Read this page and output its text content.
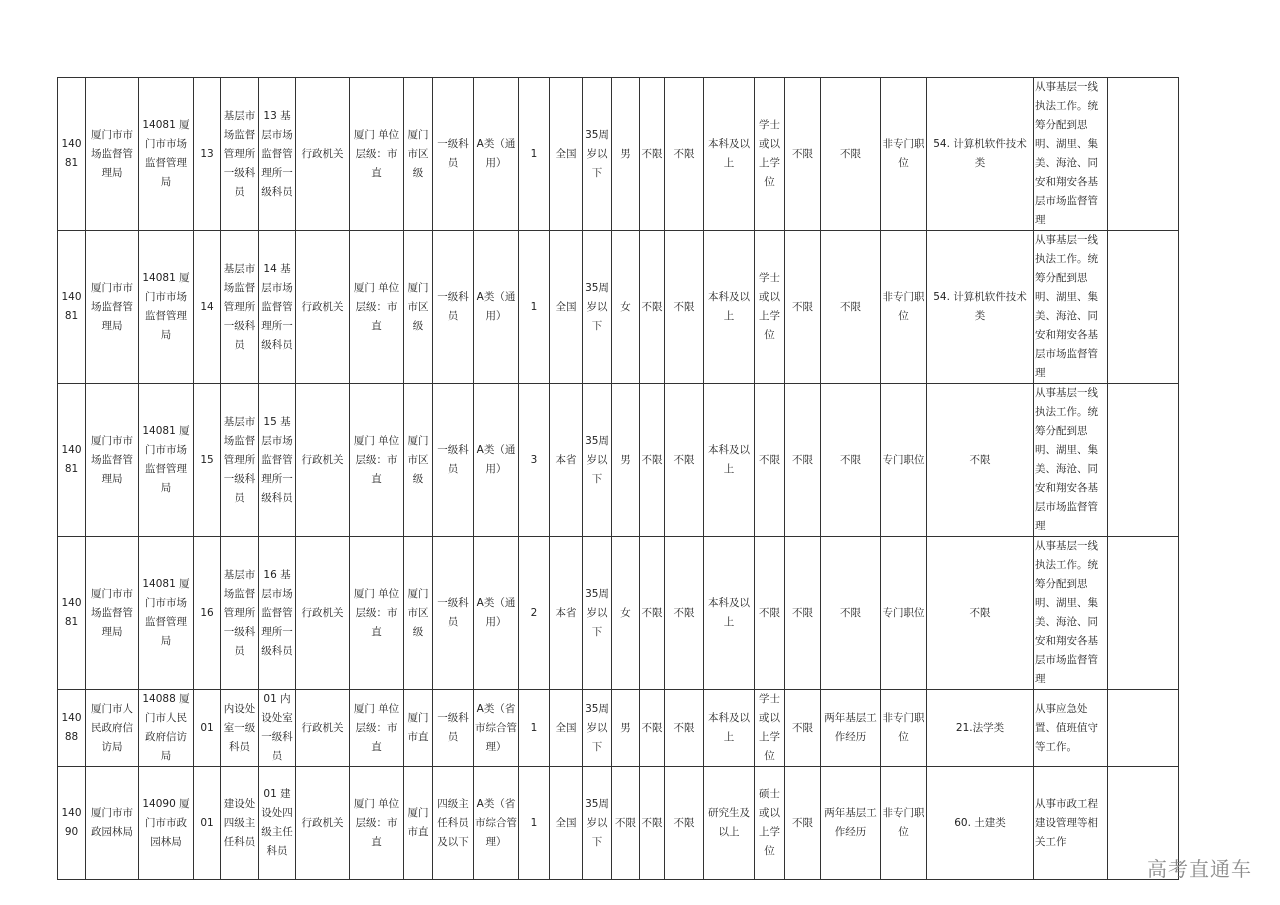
14081	厦门市市场监督管理局	14081 厦门市市场监督管理局	13	基层市场监督管理所一级科员	13 基层市场监督管理所一级科员	行政机关	厦门 单位层级：市直	厦门市区级	一级科员	A类（通用）	1	全国	35周岁以下	男	不限	不限	本科及以上	学士或以上学位	不限	不限	非专门职位	54. 计算机软件技术类	从事基层一线执法工作。统筹分配到思明、湖里、集美、海沧、同安和翔安各基层市场监督管理	
14081	厦门市市场监督管理局	14081 厦门市市场监督管理局	14	基层市场监督管理所一级科员	14 基层市场监督管理所一级科员	行政机关	厦门 单位层级：市直	厦门市区级	一级科员	A类（通用）	1	全国	35周岁以下	女	不限	不限	本科及以上	学士或以上学位	不限	不限	非专门职位	54. 计算机软件技术类	从事基层一线执法工作。统筹分配到思明、湖里、集美、海沧、同安和翔安各基层市场监督管理	
14081	厦门市市场监督管理局	14081 厦门市市场监督管理局	15	基层市场监督管理所一级科员	15 基层市场监督管理所一级科员	行政机关	厦门 单位层级：市直	厦门市区级	一级科员	A类（通用）	3	本省	35周岁以下	男	不限	不限	本科及以上	不限	不限	不限	专门职位	不限	从事基层一线执法工作。统筹分配到思明、湖里、集美、海沧、同安和翔安各基层市场监督管理	
14081	厦门市市场监督管理局	14081 厦门市市场监督管理局	16	基层市场监督管理所一级科员	16 基层市场监督管理所一级科员	行政机关	厦门 单位层级：市直	厦门市区级	一级科员	A类（通用）	2	本省	35周岁以下	女	不限	不限	本科及以上	不限	不限	不限	专门职位	不限	从事基层一线执法工作。统筹分配到思明、湖里、集美、海沧、同安和翔安各基层市场监督管理	
14088	厦门市人民政府信访局	14088 厦门市人民政府信访局	01	内设处室一级科员	01 内设处室一级科员	行政机关	厦门 单位层级：市直	厦门市直	一级科员	A类（省市综合管理）	1	全国	35周岁以下	男	不限	不限	本科及以上	学士或以上学位	不限	两年基层工作经历	非专门职位	21.法学类	从事应急处置、值班值守等工作。	
14090	厦门市市政园林局	14090 厦门市市政园林局	01	建设处四级主任科员	01 建设处四级主任科员	行政机关	厦门 单位层级：市直	厦门市直	四级主任科员及以下	A类（省市综合管理）	1	全国	35周岁以下	不限	不限	不限	研究生及以上	硕士或以上学位	不限	两年基层工作经历	非专门职位	60. 土建类	从事市政工程建设管理等相关工作	
高考直通车
